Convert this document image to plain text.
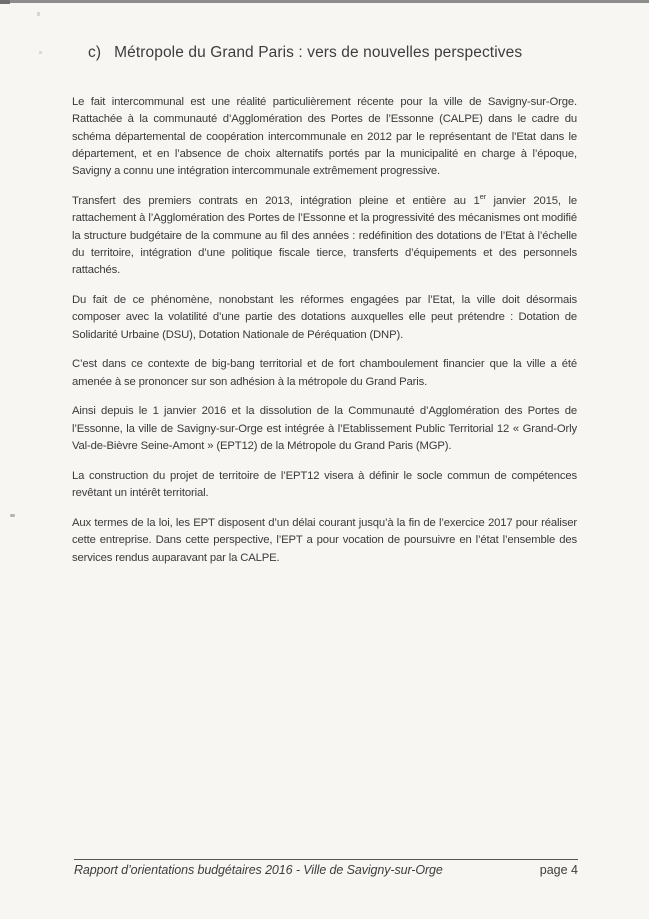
c) Métropole du Grand Paris : vers de nouvelles perspectives

Le fait intercommunal est une réalité particulièrement récente pour la ville de Savigny-sur-Orge. Rattachée à la communauté d’Agglomération des Portes de l’Essonne (CALPE) dans le cadre du schéma départemental de coopération intercommunale en 2012 par le représentant de l’Etat dans le département, et en l’absence de choix alternatifs portés par la municipalité en charge à l’époque, Savigny a connu une intégration intercommunale extrêmement progressive.

Transfert des premiers contrats en 2013, intégration pleine et entière au 1er janvier 2015, le rattachement à l’Agglomération des Portes de l’Essonne et la progressivité des mécanismes ont modifié la structure budgétaire de la commune au fil des années : redéfinition des dotations de l’Etat à l’échelle du territoire, intégration d’une politique fiscale tierce, transferts d’équipements et des personnels rattachés.

Du fait de ce phénomène, nonobstant les réformes engagées par l’Etat, la ville doit désormais composer avec la volatilité d’une partie des dotations auxquelles elle peut prétendre : Dotation de Solidarité Urbaine (DSU), Dotation Nationale de Péréquation (DNP).

C’est dans ce contexte de big-bang territorial et de fort chamboulement financier que la ville a été amenée à se prononcer sur son adhésion à la métropole du Grand Paris.

Ainsi depuis le 1 janvier 2016 et la dissolution de la Communauté d’Agglomération des Portes de l’Essonne, la ville de Savigny-sur-Orge est intégrée à l’Etablissement Public Territorial 12 « Grand-Orly Val-de-Bièvre Seine-Amont » (EPT12) de la Métropole du Grand Paris (MGP).

La construction du projet de territoire de l’EPT12 visera à définir le socle commun de compétences revêtant un intérêt territorial.

Aux termes de la loi, les EPT disposent d’un délai courant jusqu’à la fin de l’exercice 2017 pour réaliser cette entreprise. Dans cette perspective, l’EPT a pour vocation de poursuivre en l’état l’ensemble des services rendus auparavant par la CALPE.

Rapport d’orientations budgétaires 2016 - Ville de Savigny-sur-Orge	page 4
